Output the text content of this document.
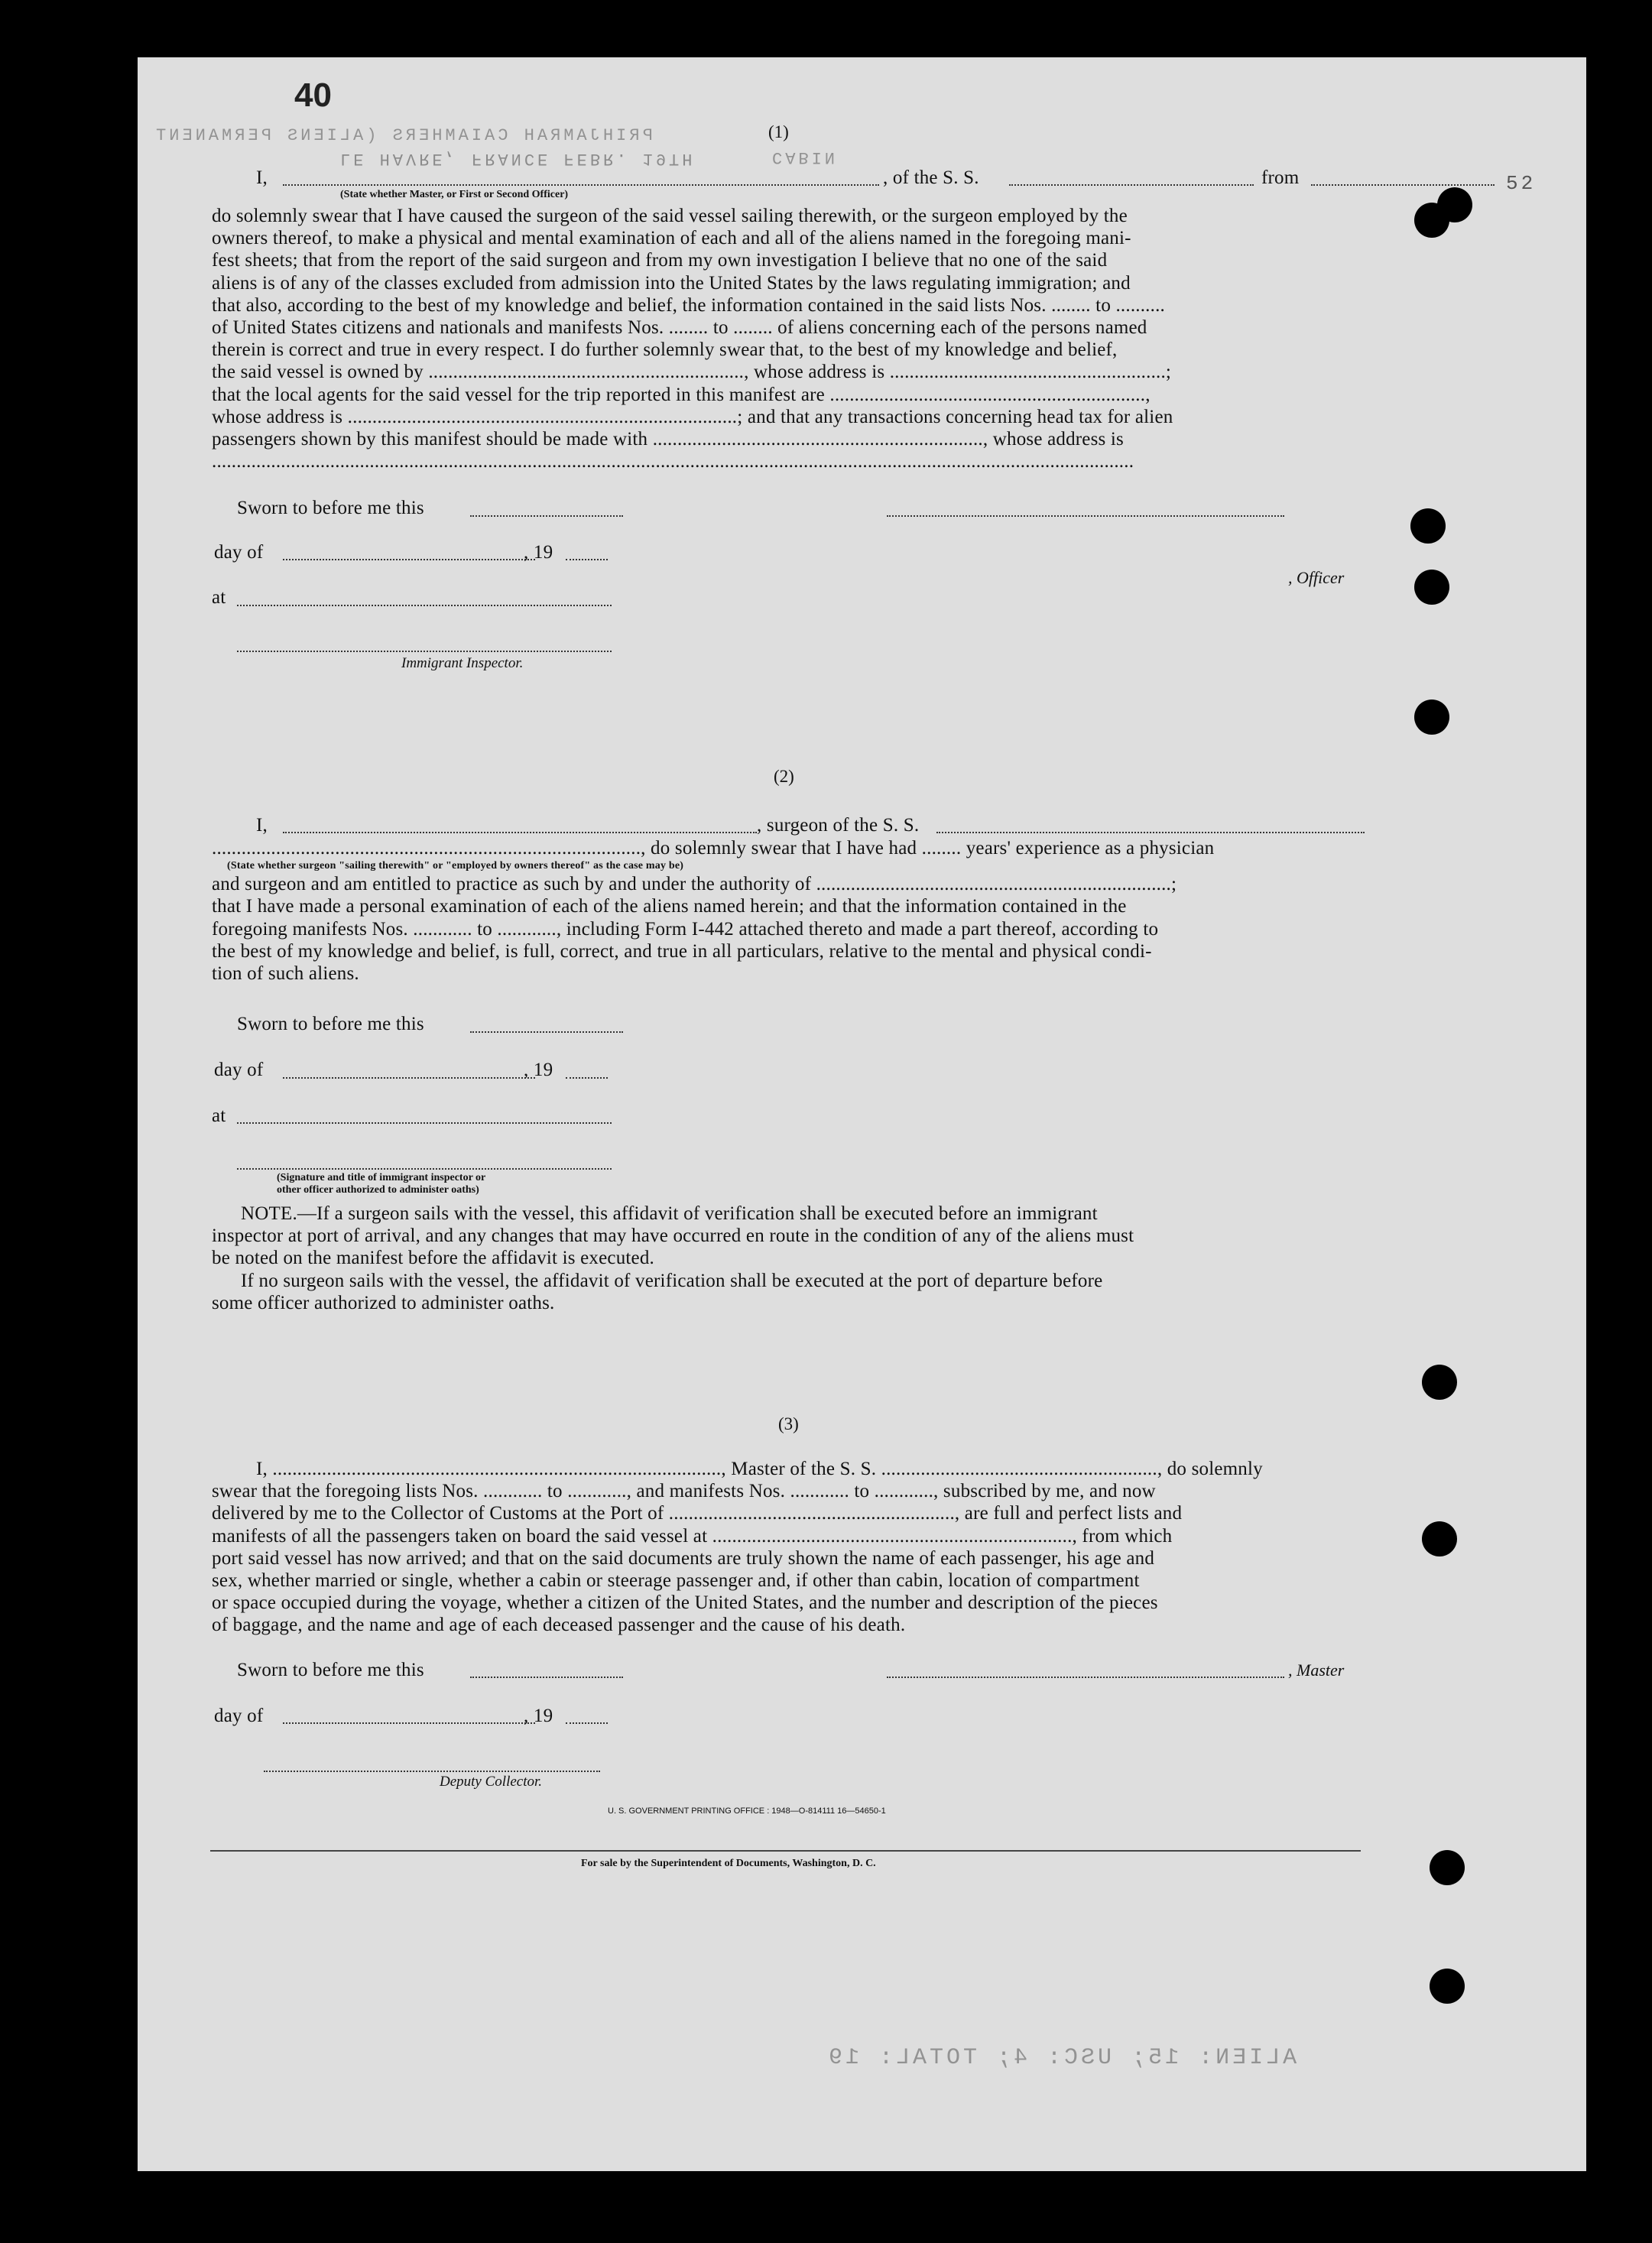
40
PRIHJAMRAH CAIAMHERS (ALIENS PERMANENT
52
CABIN
(1)
I,
LE HAVRE, FRANCE FEBR. 19TH
, of the S. S.	from
(State whether Master, or First or Second Officer)
do solemnly swear that I have caused the surgeon of the said vessel sailing therewith, or the surgeon employed by the
owners thereof, to make a physical and mental examination of each and all of the aliens named in the foregoing mani-
fest sheets; that from the report of the said surgeon and from my own investigation I believe that no one of the said
aliens is of any of the classes excluded from admission into the United States by the laws regulating immigration; and
that also, according to the best of my knowledge and belief, the information contained in the said lists Nos. ........ to ..........
of United States citizens and nationals and manifests Nos. ........ to ........ of aliens concerning each of the persons named
therein is correct and true in every respect. I do further solemnly swear that, to the best of my knowledge and belief,
the said vessel is owned by ................................................................, whose address is ........................................................;
that the local agents for the said vessel for the trip reported in this manifest are ................................................................,
whose address is ...............................................................................; and that any transactions concerning head tax for alien
passengers shown by this manifest should be made with ..................................................................., whose address is
...........................................................................................................................................................................................
Sworn to before me this
day of	, 19
, Officer
at
Immigrant Inspector.
(2)
I,	, surgeon of the S. S.
......................................................................................., do solemnly swear that I have had ........ years' experience as a physician
(State whether surgeon "sailing therewith" or "employed by owners thereof" as the case may be)
and surgeon and am entitled to practice as such by and under the authority of ........................................................................;
that I have made a personal examination of each of the aliens named herein; and that the information contained in the
foregoing manifests Nos. ............ to ............, including Form I-442 attached thereto and made a part thereof, according to
the best of my knowledge and belief, is full, correct, and true in all particulars, relative to the mental and physical condi-
tion of such aliens.
Sworn to before me this
day of	, 19
at
(Signature and title of immigrant inspector or
other officer authorized to administer oaths)
NOTE.—If a surgeon sails with the vessel, this affidavit of verification shall be executed before an immigrant
inspector at port of arrival, and any changes that may have occurred en route in the condition of any of the aliens must
be noted on the manifest before the affidavit is executed.
If no surgeon sails with the vessel, the affidavit of verification shall be executed at the port of departure before
some officer authorized to administer oaths.
(3)
I, ..........................................................................................., Master of the S. S. ........................................................, do solemnly
swear that the foregoing lists Nos. ............ to ............, and manifests Nos. ............ to ............, subscribed by me, and now
delivered by me to the Collector of Customs at the Port of .........................................................., are full and perfect lists and
manifests of all the passengers taken on board the said vessel at ........................................................................., from which
port said vessel has now arrived; and that on the said documents are truly shown the name of each passenger, his age and
sex, whether married or single, whether a cabin or steerage passenger and, if other than cabin, location of compartment
or space occupied during the voyage, whether a citizen of the United States, and the number and description of the pieces
of baggage, and the name and age of each deceased passenger and the cause of his death.
Sworn to before me this	, Master
day of	, 19
Deputy Collector.
U. S. GOVERNMENT PRINTING OFFICE : 1948—O-814111 16—54650-1
For sale by the Superintendent of Documents, Washington, D. C.
ALIEN: 15; USC: 4; TOTAL: 19
